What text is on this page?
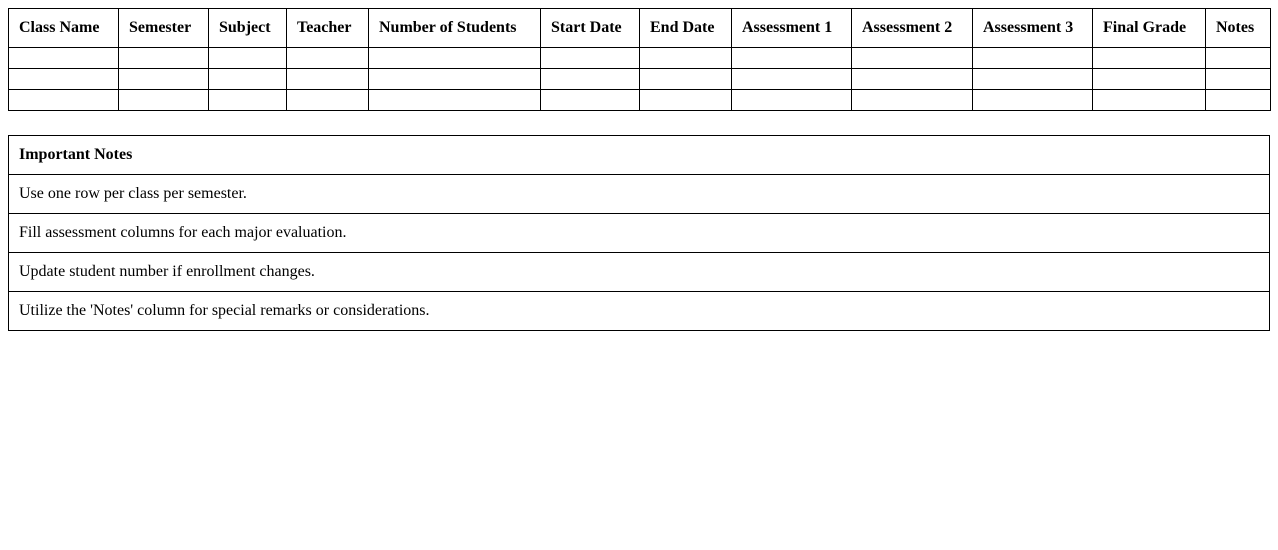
Class Name	Semester	Subject	Teacher	Number of Students	Start Date	End Date	Assessment 1	Assessment 2	Assessment 3	Final Grade	Notes

Important Notes
Use one row per class per semester.
Fill assessment columns for each major evaluation.
Update student number if enrollment changes.
Utilize the 'Notes' column for special remarks or considerations.
